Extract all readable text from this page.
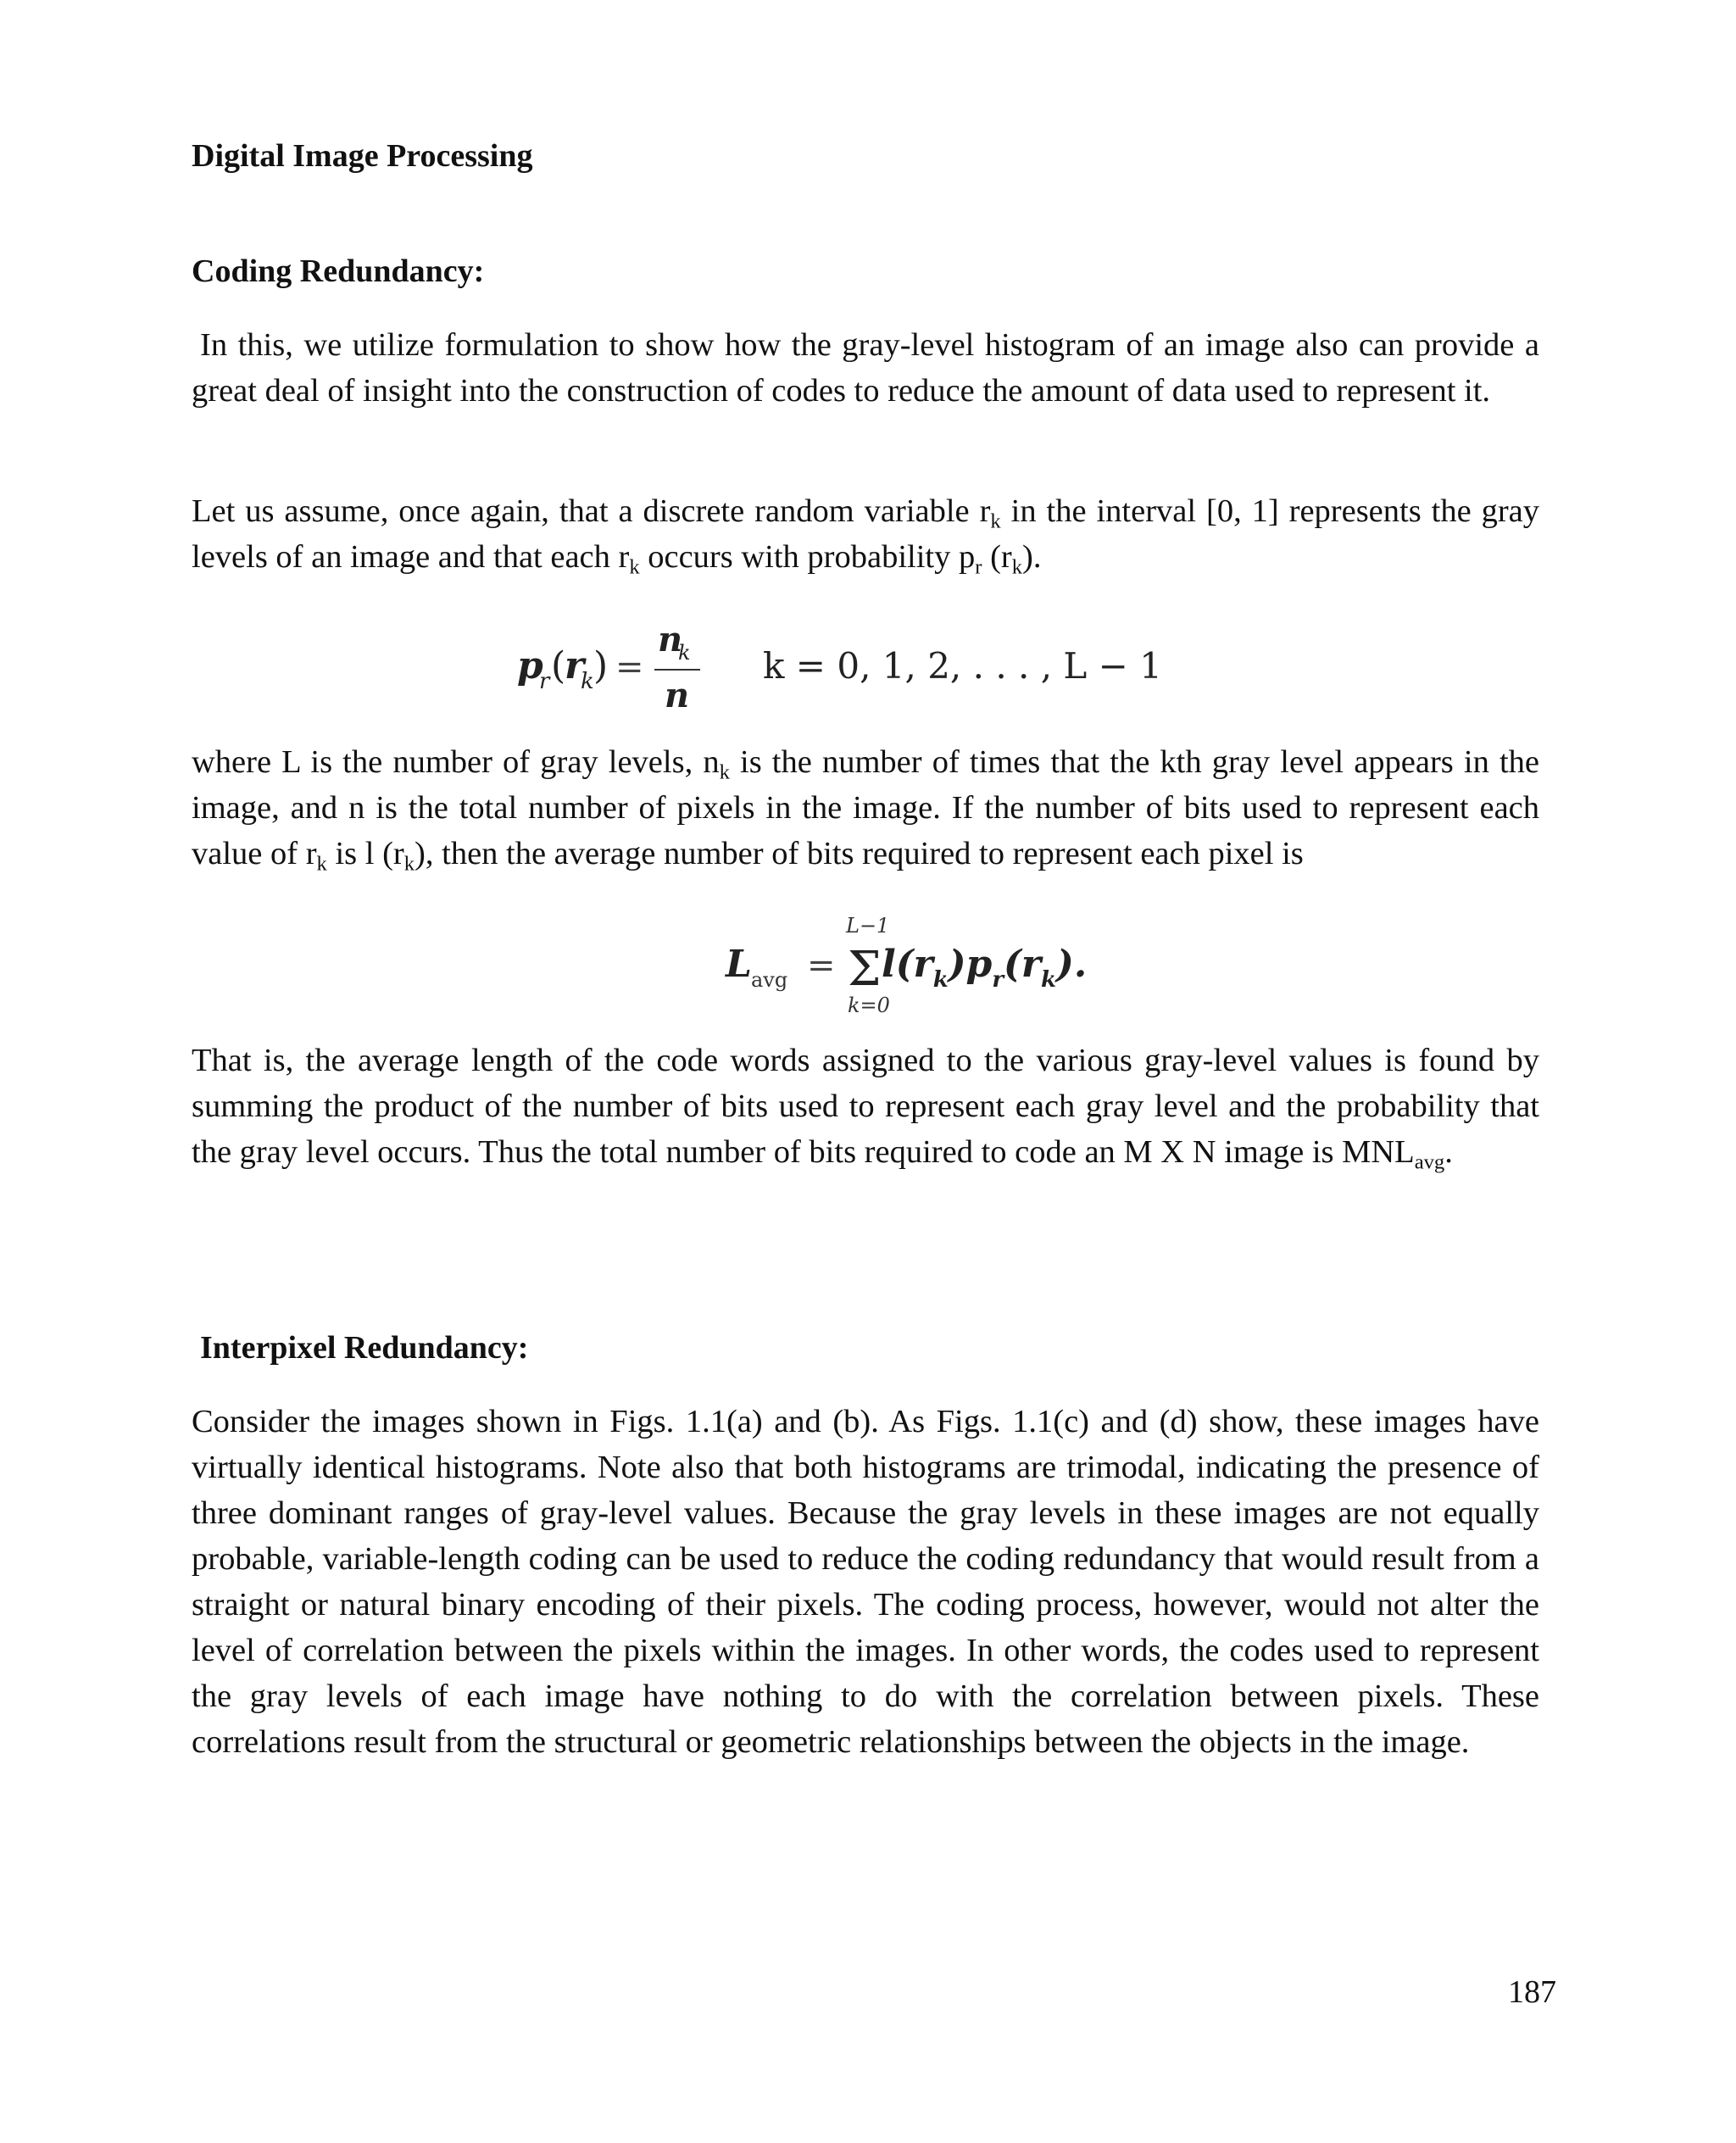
Digital Image Processing
Coding Redundancy:

In this, we utilize formulation to show how the gray-level histogram of an image also can provide a great deal of insight into the construction of codes to reduce the amount of data used to represent it.

Let us assume, once again, that a discrete random variable $r_k$ in the interval [0, 1] represents the gray levels of an image and that each $r_k$ occurs with probability $p_r$ $(r_k)$.

p
r (
r
k ) =
n
k
n
k = 0, 1, 2, . . . , L − 1

where L is the number of gray levels, $n_k$ is the number of times that the kth gray level appears in the image, and n is the total number of pixels in the image. If the number of bits used to represent each value of $r_k$ is l $(r_k)$, then the average number of bits required to represent each pixel is

L avg =
L−1
Σ
k=0
$l(r_k)p_r(r_k)$.

That is, the average length of the code words assigned to the various gray-level values is found by summing the product of the number of bits used to represent each gray level and the probability that the gray level occurs. Thus the total number of bits required to code an M X N image is $MNL_{avg}$.

Interpixel Redundancy:

Consider the images shown in Figs. 1.1(a) and (b). As Figs. 1.1(c) and (d) show, these images have virtually identical histograms. Note also that both histograms are trimodal, indicating the presence of three dominant ranges of gray-level values. Because the gray levels in these images are not equally probable, variable-length coding can be used to reduce the coding redundancy that would result from a straight or natural binary encoding of their pixels. The coding process, however, would not alter the level of correlation between the pixels within the images. In other words, the codes used to represent the gray levels of each image have nothing to do with the correlation between pixels. These correlations result from the structural or geometric relationships between the objects in the image.

187
